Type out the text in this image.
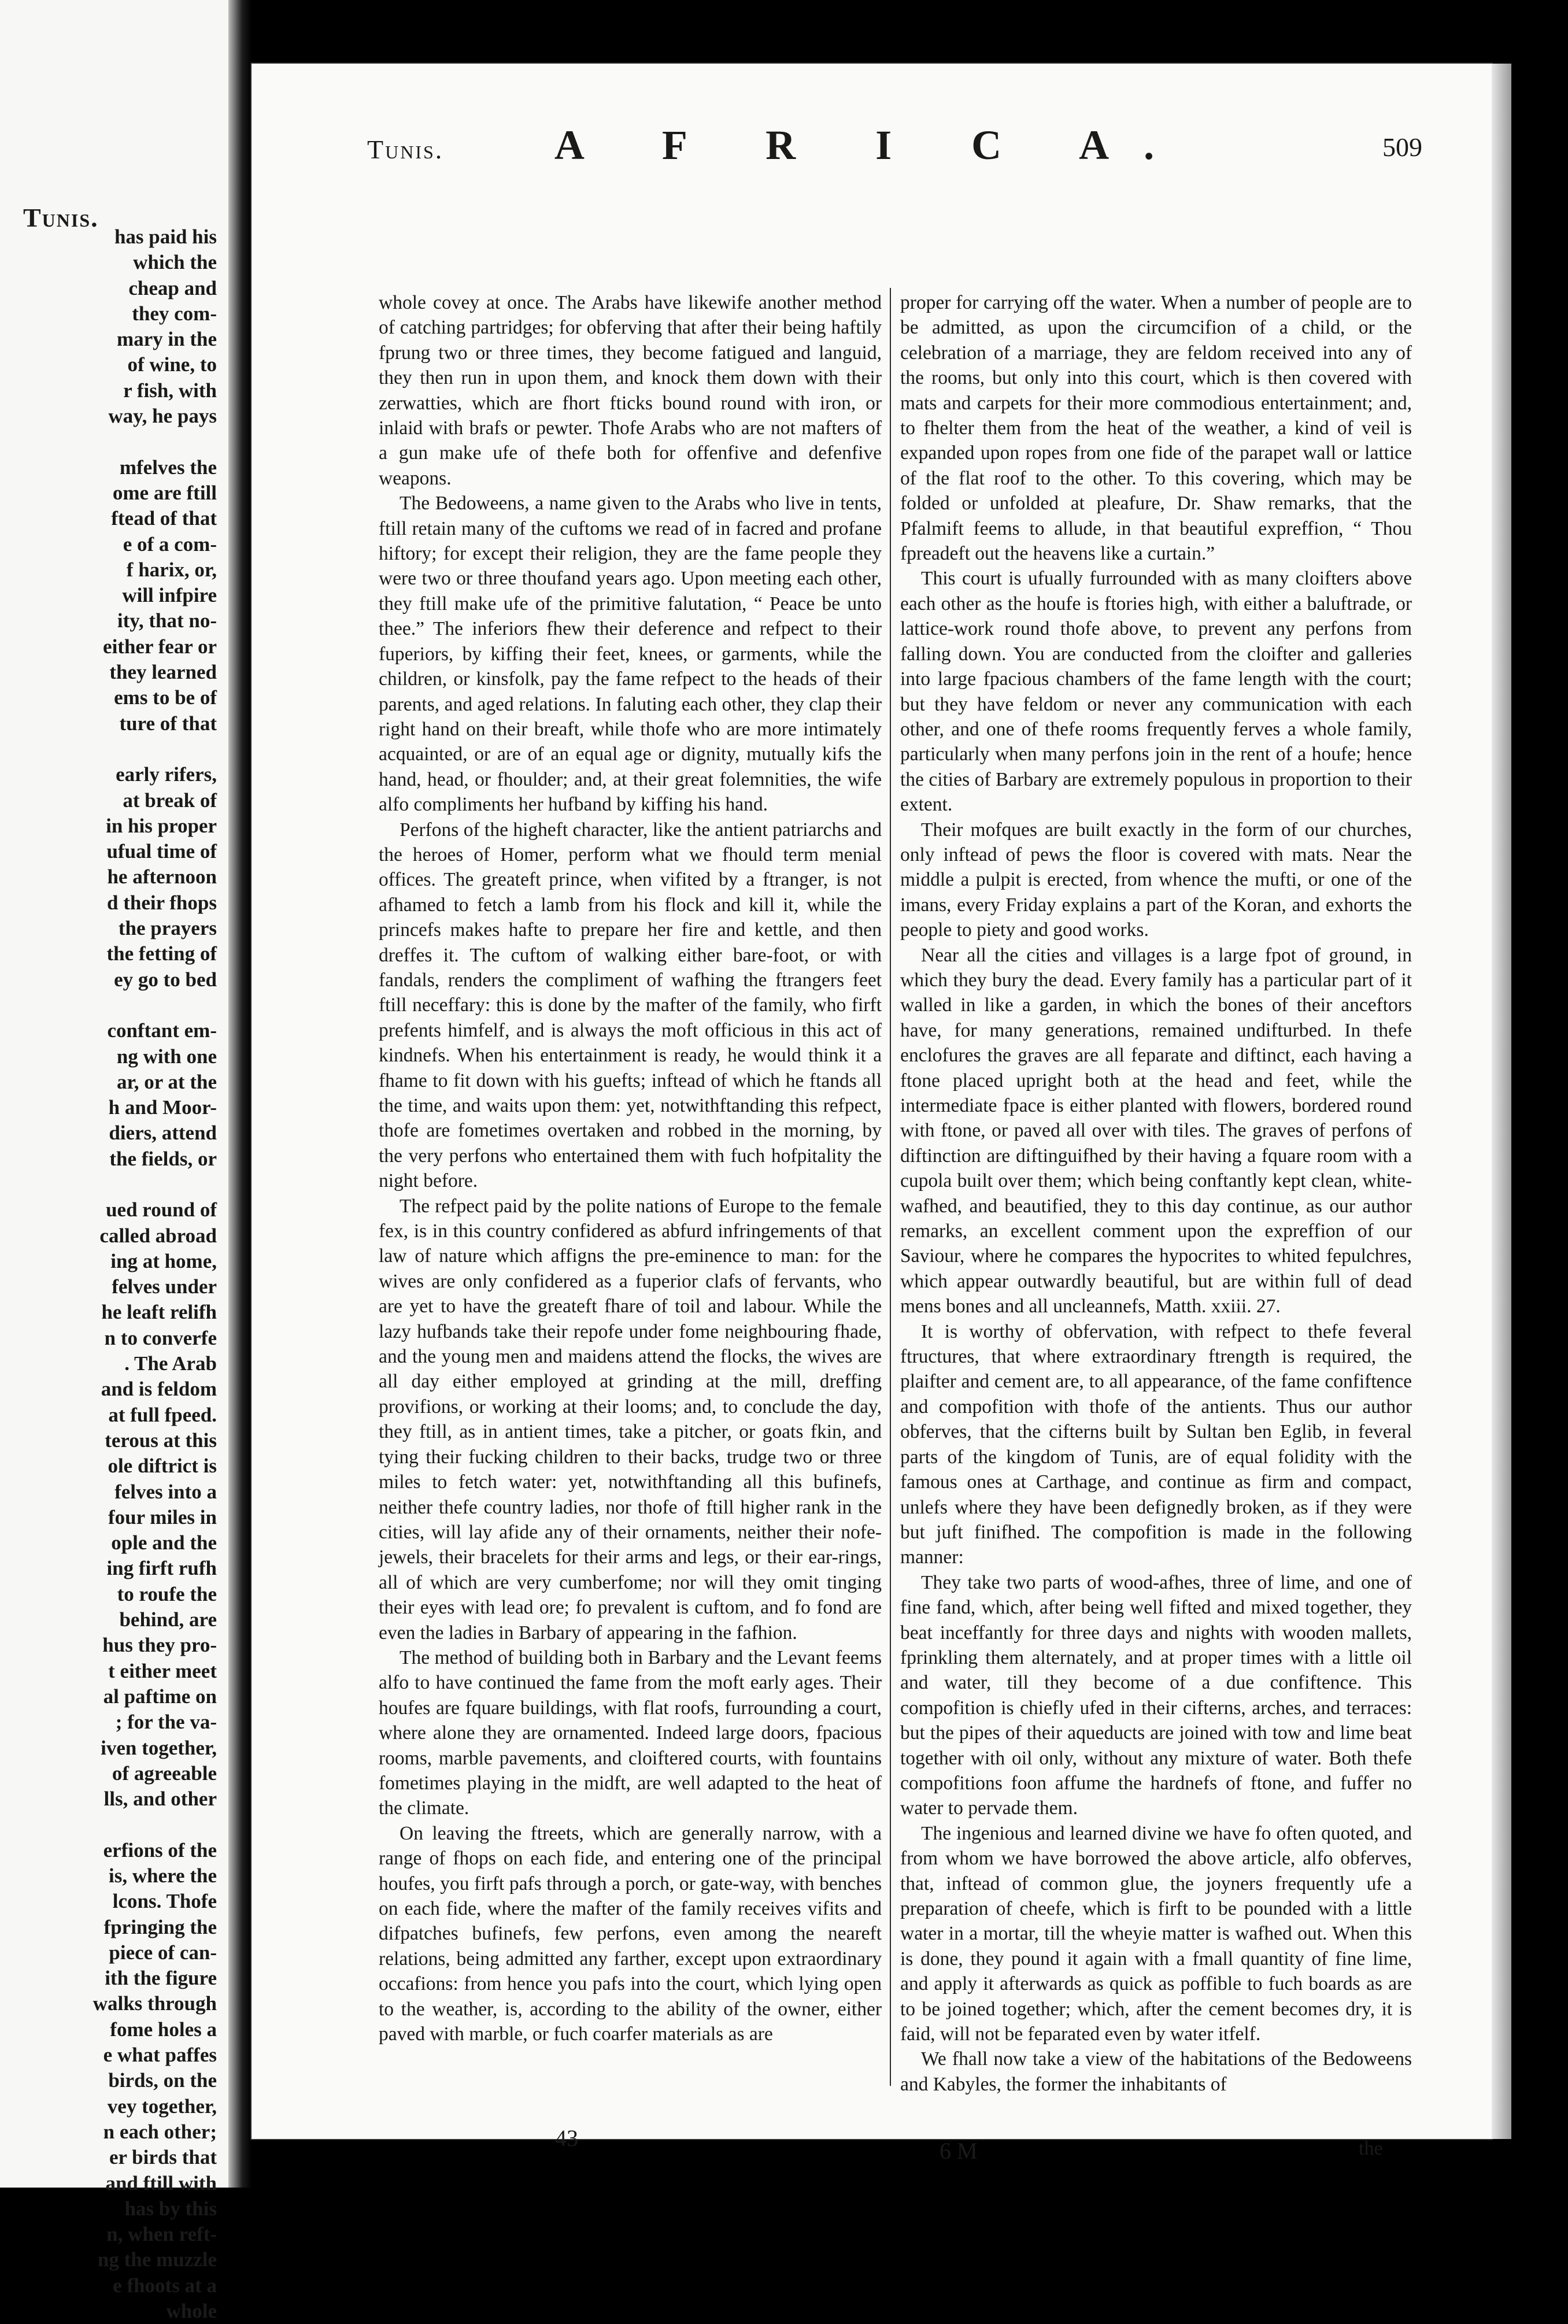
Tunis.
has paid his
which the
cheap and
they com-
mary in the
of wine, to
r fish, with
way, he pays
mfelves the
ome are ftill
ftead of that
e of a com-
f harix, or,
will infpire
ity, that no-
either fear or
they learned
ems to be of
ture of that
early rifers,
at break of
in his proper
ufual time of
he afternoon
d their fhops
the prayers
the fetting of
ey go to bed
conftant em-
ng with one
ar, or at the
h and Moor-
diers, attend
the fields, or
ued round of
called abroad
ing at home,
felves under
he leaft relifh
n to converfe
. The Arab
and is feldom
at full fpeed.
terous at this
ole diftrict is
felves into a
four miles in
ople and the
ing firft rufh
to roufe the
behind, are
hus they pro-
t either meet
al paftime on
; for the va-
iven together,
of agreeable
lls, and other
erfions of the
is, where the
lcons. Thofe
fpringing the
piece of can-
ith the figure
walks through
fome holes a
e what paffes
birds, on the
vey together,
n each other;
er birds that
and ftill with
has by this
n, when reft-
ng the muzzle
e fhoots at a
whole
Tunis.	A F R I C A.	509

whole covey at once. The Arabs have likewife another method of catching partridges; for obferving that after their being haftily fprung two or three times, they become fatigued and languid, they then run in upon them, and knock them down with their zerwatties, which are fhort fticks bound round with iron, or inlaid with brafs or pewter. Thofe Arabs who are not mafters of a gun make ufe of thefe both for offenfive and defenfive weapons.

The Bedoweens, a name given to the Arabs who live in tents, ftill retain many of the cuftoms we read of in facred and profane hiftory; for except their religion, they are the fame people they were two or three thoufand years ago. Upon meeting each other, they ftill make ufe of the primitive falutation, “ Peace be unto thee.” The inferiors fhew their deference and refpect to their fuperiors, by kiffing their feet, knees, or garments, while the children, or kinsfolk, pay the fame refpect to the heads of their parents, and aged relations. In faluting each other, they clap their right hand on their breaft, while thofe who are more intimately acquainted, or are of an equal age or dignity, mutually kifs the hand, head, or fhoulder; and, at their great folemnities, the wife alfo compliments her hufband by kiffing his hand.

Perfons of the higheft character, like the antient patriarchs and the heroes of Homer, perform what we fhould term menial offices. The greateft prince, when vifited by a ftranger, is not afhamed to fetch a lamb from his flock and kill it, while the princefs makes hafte to prepare her fire and kettle, and then dreffes it. The cuftom of walking either bare-foot, or with fandals, renders the compliment of wafhing the ftrangers feet ftill neceffary: this is done by the mafter of the family, who firft prefents himfelf, and is always the moft officious in this act of kindnefs. When his entertainment is ready, he would think it a fhame to fit down with his guefts; inftead of which he ftands all the time, and waits upon them: yet, notwithftanding this refpect, thofe are fometimes overtaken and robbed in the morning, by the very perfons who entertained them with fuch hofpitality the night before.

The refpect paid by the polite nations of Europe to the female fex, is in this country confidered as abfurd infringements of that law of nature which affigns the pre-eminence to man: for the wives are only confidered as a fuperior clafs of fervants, who are yet to have the greateft fhare of toil and labour. While the lazy hufbands take their repofe under fome neighbouring fhade, and the young men and maidens attend the flocks, the wives are all day either employed at grinding at the mill, dreffing provifions, or working at their looms; and, to conclude the day, they ftill, as in antient times, take a pitcher, or goats fkin, and tying their fucking children to their backs, trudge two or three miles to fetch water: yet, notwithftanding all this bufinefs, neither thefe country ladies, nor thofe of ftill higher rank in the cities, will lay afide any of their ornaments, neither their nofe-jewels, their bracelets for their arms and legs, or their ear-rings, all of which are very cumberfome; nor will they omit tinging their eyes with lead ore; fo prevalent is cuftom, and fo fond are even the ladies in Barbary of appearing in the fafhion.

The method of building both in Barbary and the Levant feems alfo to have continued the fame from the moft early ages. Their houfes are fquare buildings, with flat roofs, furrounding a court, where alone they are ornamented. Indeed large doors, fpacious rooms, marble pavements, and cloiftered courts, with fountains fometimes playing in the midft, are well adapted to the heat of the climate.

On leaving the ftreets, which are generally narrow, with a range of fhops on each fide, and entering one of the principal houfes, you firft pafs through a porch, or gate-way, with benches on each fide, where the mafter of the family receives vifits and difpatches bufinefs, few perfons, even among the neareft relations, being admitted any farther, except upon extraordinary occafions: from hence you pafs into the court, which lying open to the weather, is, according to the ability of the owner, either paved with marble, or fuch coarfer materials as are

proper for carrying off the water. When a number of people are to be admitted, as upon the circumcifion of a child, or the celebration of a marriage, they are feldom received into any of the rooms, but only into this court, which is then covered with mats and carpets for their more commodious entertainment; and, to fhelter them from the heat of the weather, a kind of veil is expanded upon ropes from one fide of the parapet wall or lattice of the flat roof to the other. To this covering, which may be folded or unfolded at pleafure, Dr. Shaw remarks, that the Pfalmift feems to allude, in that beautiful expreffion, “ Thou fpreadeft out the heavens like a curtain.”

This court is ufually furrounded with as many cloifters above each other as the houfe is ftories high, with either a baluftrade, or lattice-work round thofe above, to prevent any perfons from falling down. You are conducted from the cloifter and galleries into large fpacious chambers of the fame length with the court; but they have feldom or never any communication with each other, and one of thefe rooms frequently ferves a whole family, particularly when many perfons join in the rent of a houfe; hence the cities of Barbary are extremely populous in proportion to their extent.

Their mofques are built exactly in the form of our churches, only inftead of pews the floor is covered with mats. Near the middle a pulpit is erected, from whence the mufti, or one of the imans, every Friday explains a part of the Koran, and exhorts the people to piety and good works.

Near all the cities and villages is a large fpot of ground, in which they bury the dead. Every family has a particular part of it walled in like a garden, in which the bones of their anceftors have, for many generations, remained undifturbed. In thefe enclofures the graves are all feparate and diftinct, each having a ftone placed upright both at the head and feet, while the intermediate fpace is either planted with flowers, bordered round with ftone, or paved all over with tiles. The graves of perfons of diftinction are diftinguifhed by their having a fquare room with a cupola built over them; which being conftantly kept clean, white-wafhed, and beautified, they to this day continue, as our author remarks, an excellent comment upon the expreffion of our Saviour, where he compares the hypocrites to whited fepulchres, which appear outwardly beautiful, but are within full of dead mens bones and all uncleannefs, Matth. xxiii. 27.

It is worthy of obfervation, with refpect to thefe feveral ftructures, that where extraordinary ftrength is required, the plaifter and cement are, to all appearance, of the fame confiftence and compofition with thofe of the antients. Thus our author obferves, that the cifterns built by Sultan ben Eglib, in feveral parts of the kingdom of Tunis, are of equal folidity with the famous ones at Carthage, and continue as firm and compact, unlefs where they have been defignedly broken, as if they were but juft finifhed. The compofition is made in the following manner:

They take two parts of wood-afhes, three of lime, and one of fine fand, which, after being well fifted and mixed together, they beat inceffantly for three days and nights with wooden mallets, fprinkling them alternately, and at proper times with a little oil and water, till they become of a due confiftence. This compofition is chiefly ufed in their cifterns, arches, and terraces: but the pipes of their aqueducts are joined with tow and lime beat together with oil only, without any mixture of water. Both thefe compofitions foon affume the hardnefs of ftone, and fuffer no water to pervade them.

The ingenious and learned divine we have fo often quoted, and from whom we have borrowed the above article, alfo obferves, that, inftead of common glue, the joyners frequently ufe a preparation of cheefe, which is firft to be pounded with a little water in a mortar, till the wheyie matter is wafhed out. When this is done, they pound it again with a fmall quantity of fine lime, and apply it afterwards as quick as poffible to fuch boards as are to be joined together; which, after the cement becomes dry, it is faid, will not be feparated even by water itfelf.

We fhall now take a view of the habitations of the Bedoweens and Kabyles, the former the inhabitants of

43	6 M	the
